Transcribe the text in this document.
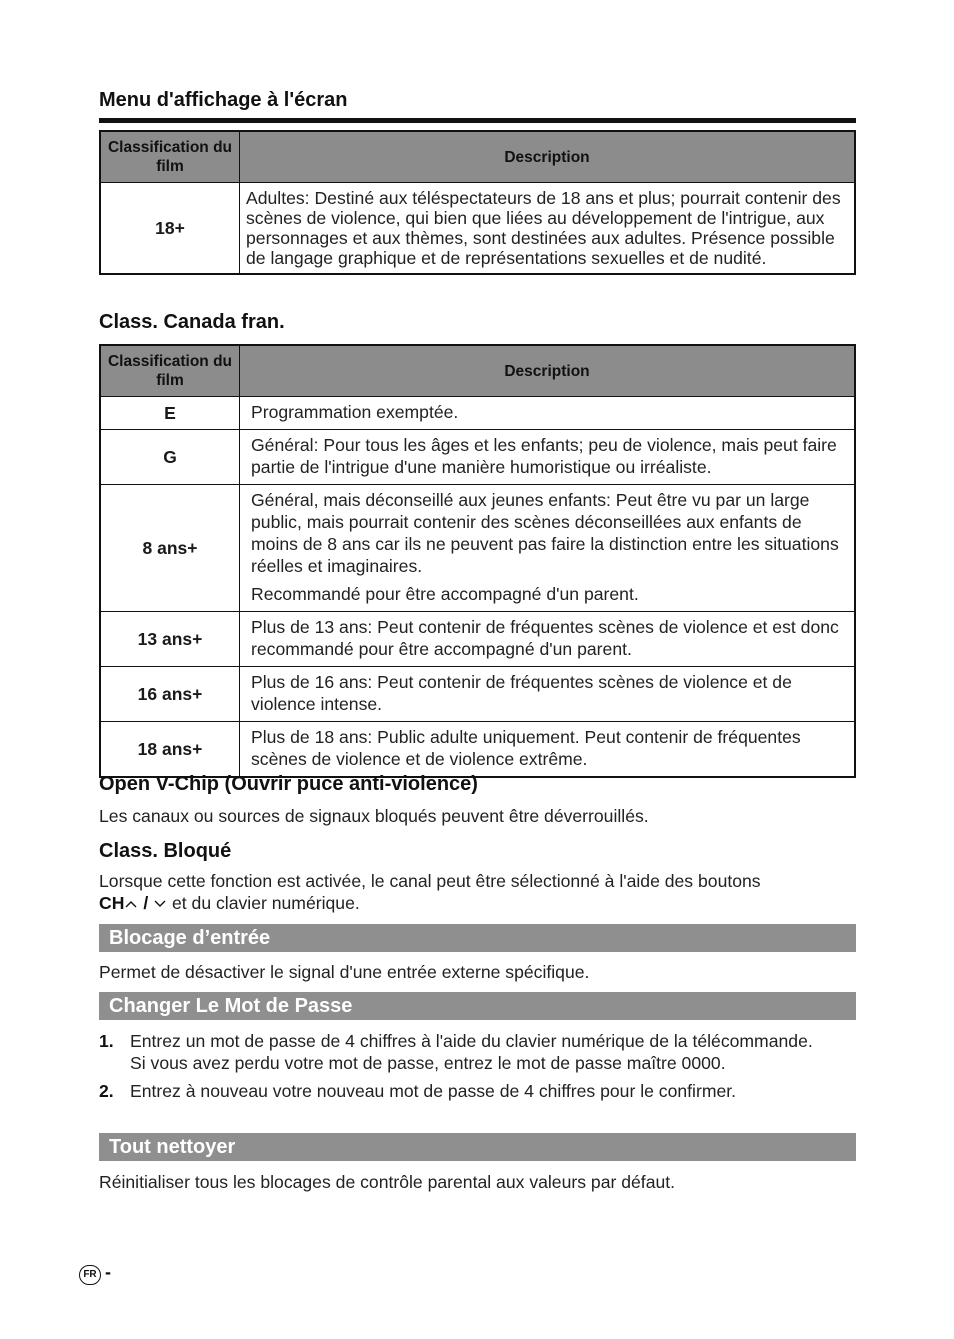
Menu d'affichage à l'écran
Classification du film	Description
18+	Adultes: Destiné aux téléspectateurs de 18 ans et plus; pourrait contenir des scènes de violence, qui bien que liées au développement de l'intrigue, aux personnages et aux thèmes, sont destinées aux adultes. Présence possible de langage graphique et de représentations sexuelles et de nudité.

Class. Canada fran.
Classification du film	Description
E	Programmation exemptée.

G	Général: Pour tous les âges et les enfants; peu de violence, mais peut faire partie de l'intrigue d'une manière humoristique ou irréaliste.

8 ans+	Général, mais déconseillé aux jeunes enfants: Peut être vu par un large public, mais pourrait contenir des scènes déconseillées aux enfants de moins de 8 ans car ils ne peuvent pas faire la distinction entre les situations réelles et imaginaires.

Recommandé pour être accompagné d'un parent.

13 ans+	Plus de 13 ans: Peut contenir de fréquentes scènes de violence et est donc recommandé pour être accompagné d'un parent.

16 ans+	Plus de 16 ans: Peut contenir de fréquentes scènes de violence et de violence intense.

18 ans+	Plus de 18 ans: Public adulte uniquement. Peut contenir de fréquentes scènes de violence et de violence extrême.

Open V-Chip (Ouvrir puce anti-violence)
Les canaux ou sources de signaux bloqués peuvent être déverrouillés.
Class. Bloqué
Lorsque cette fonction est activée, le canal peut être sélectionné à l'aide des boutons
CH / et du clavier numérique.
Blocage d’entrée
Permet de désactiver le signal d'une entrée externe spécifique.
Changer Le Mot de Passe
1. Entrez un mot de passe de 4 chiffres à l'aide du clavier numérique de la télécommande.
Si vous avez perdu votre mot de passe, entrez le mot de passe maître 0000.
2. Entrez à nouveau votre nouveau mot de passe de 4 chiffres pour le confirmer.
Tout nettoyer
Réinitialiser tous les blocages de contrôle parental aux valeurs par défaut.
FR -
